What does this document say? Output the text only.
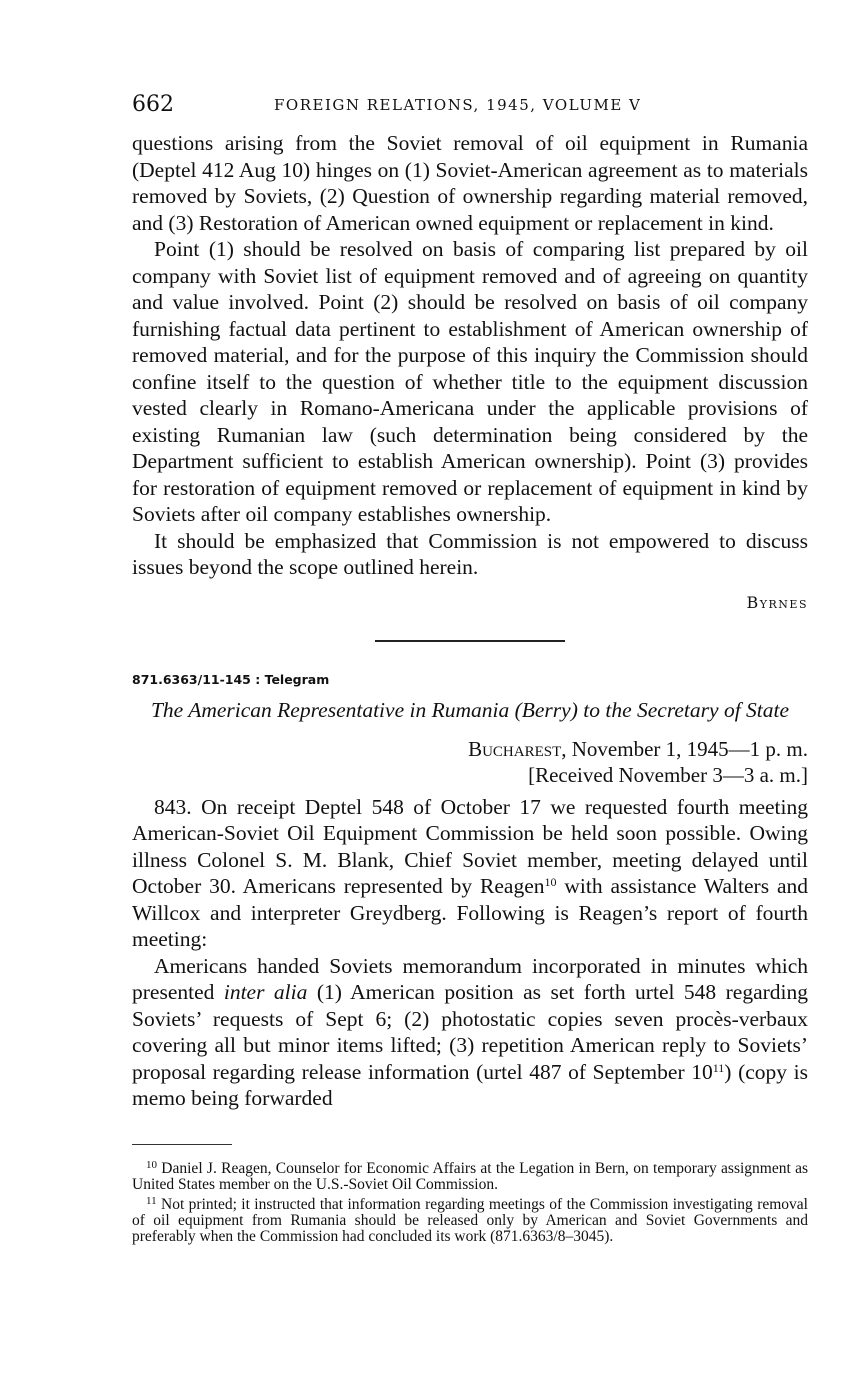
662	FOREIGN RELATIONS, 1945, VOLUME V

questions arising from the Soviet removal of oil equipment in Rumania (Deptel 412 Aug 10) hinges on (1) Soviet-American agreement as to materials removed by Soviets, (2) Question of ownership regarding material removed, and (3) Restoration of American owned equipment or replacement in kind.

Point (1) should be resolved on basis of comparing list prepared by oil company with Soviet list of equipment removed and of agreeing on quantity and value involved. Point (2) should be resolved on basis of oil company furnishing factual data pertinent to establishment of American ownership of removed material, and for the purpose of this inquiry the Commission should confine itself to the question of whether title to the equipment discussion vested clearly in Romano-Americana under the applicable provisions of existing Rumanian law (such determination being considered by the Department sufficient to establish American ownership). Point (3) provides for restoration of equipment removed or replacement of equipment in kind by Soviets after oil company establishes ownership.

It should be emphasized that Commission is not empowered to discuss issues beyond the scope outlined herein.

Byrnes
871.6363/11-145 : Telegram
The American Representative in Rumania (Berry) to the Secretary of State
Bucharest, November 1, 1945—1 p. m.
[Received November 3—3 a. m.]

843. On receipt Deptel 548 of October 17 we requested fourth meeting American-Soviet Oil Equipment Commission be held soon possible. Owing illness Colonel S. M. Blank, Chief Soviet member, meeting delayed until October 30. Americans represented by Reagen$^{10}$ with assistance Walters and Willcox and interpreter Greydberg. Following is Reagen’s report of fourth meeting:

Americans handed Soviets memorandum incorporated in minutes which presented inter alia (1) American position as set forth urtel 548 regarding Soviets’ requests of Sept 6; (2) photostatic copies seven procès-verbaux covering all but minor items lifted; (3) repetition American reply to Soviets’ proposal regarding release information (urtel 487 of September $10^{11}$) (copy is memo being forwarded

$^{10}$ Daniel J. Reagen, Counselor for Economic Affairs at the Legation in Bern, on temporary assignment as United States member on the U.S.-Soviet Oil Commission.

$^{11}$ Not printed; it instructed that information regarding meetings of the Commission investigating removal of oil equipment from Rumania should be released only by American and Soviet Governments and preferably when the Commission had concluded its work (871.6363/8–3045).
